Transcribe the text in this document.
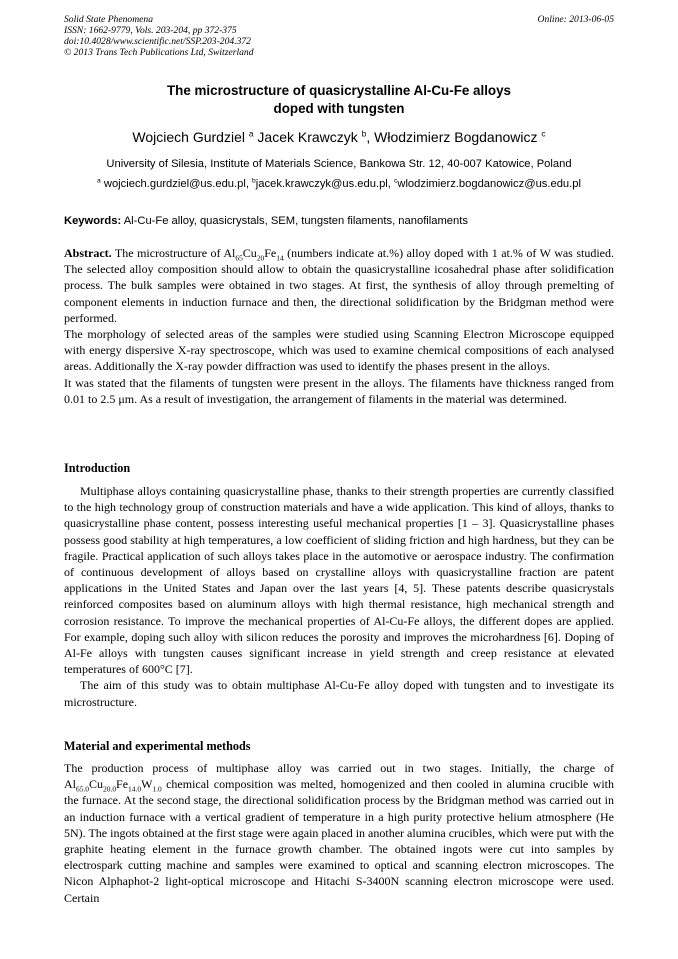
Solid State Phenomena
ISSN: 1662-9779, Vols. 203-204, pp 372-375
doi:10.4028/www.scientific.net/SSP.203-204.372
© 2013 Trans Tech Publications Ltd, Switzerland
Online: 2013-06-05
The microstructure of quasicrystalline Al-Cu-Fe alloys
doped with tungsten
Wojciech Gurdziel $^a$ Jacek Krawczyk $^b$, Włodzimierz Bogdanowicz $^c$
University of Silesia, Institute of Materials Science, Bankowa Str. 12, 40-007 Katowice, Poland
$^a$ wojciech.gurdziel@us.edu.pl, $^b$jacek.krawczyk@us.edu.pl, $^c$wlodzimierz.bogdanowicz@us.edu.pl
Keywords: Al-Cu-Fe alloy, quasicrystals, SEM, tungsten filaments, nanofilaments

Abstract. The microstructure of $Al_{65}Cu_{20}Fe_{14}$ (numbers indicate at.%) alloy doped with 1 at.% of W was studied. The selected alloy composition should allow to obtain the quasicrystalline icosahedral phase after solidification process. The bulk samples were obtained in two stages. At first, the synthesis of alloy through premelting of component elements in induction furnace and then, the directional solidification by the Bridgman method were performed.

The morphology of selected areas of the samples were studied using Scanning Electron Microscope equipped with energy dispersive X-ray spectroscope, which was used to examine chemical compositions of each analysed areas. Additionally the X-ray powder diffraction was used to identify the phases present in the alloys.

It was stated that the filaments of tungsten were present in the alloys. The filaments have thickness ranged from 0.01 to 2.5 μm. As a result of investigation, the arrangement of filaments in the material was determined.

Introduction

Multiphase alloys containing quasicrystalline phase, thanks to their strength properties are currently classified to the high technology group of construction materials and have a wide application. This kind of alloys, thanks to quasicrystalline phase content, possess interesting useful mechanical properties [1 – 3]. Quasicrystalline phases possess good stability at high temperatures, a low coefficient of sliding friction and high hardness, but they can be fragile. Practical application of such alloys takes place in the automotive or aerospace industry. The confirmation of continuous development of alloys based on crystalline alloys with quasicrystalline fraction are patent applications in the United States and Japan over the last years [4, 5]. These patents describe quasicrystals reinforced composites based on aluminum alloys with high thermal resistance, high mechanical strength and corrosion resistance. To improve the mechanical properties of Al-Cu-Fe alloys, the different dopes are applied. For example, doping such alloy with silicon reduces the porosity and improves the microhardness [6]. Doping of Al-Fe alloys with tungsten causes significant increase in yield strength and creep resistance at elevated temperatures of 600°C [7].

The aim of this study was to obtain multiphase Al-Cu-Fe alloy doped with tungsten and to investigate its microstructure.

Material and experimental methods

The production process of multiphase alloy was carried out in two stages. Initially, the charge of $Al_{65.0}Cu_{20.0}Fe_{14.0}W_{1.0}$ chemical composition was melted, homogenized and then cooled in alumina crucible with the furnace. At the second stage, the directional solidification process by the Bridgman method was carried out in an induction furnace with a vertical gradient of temperature in a high purity protective helium atmosphere (He 5N). The ingots obtained at the first stage were again placed in another alumina crucibles, which were put with the graphite heating element in the furnace growth chamber. The obtained ingots were cut into samples by electrospark cutting machine and samples were examined to optical and scanning electron microscopes. The Nicon Alphaphot-2 light-optical microscope and Hitachi S-3400N scanning electron microscope were used. Certain
